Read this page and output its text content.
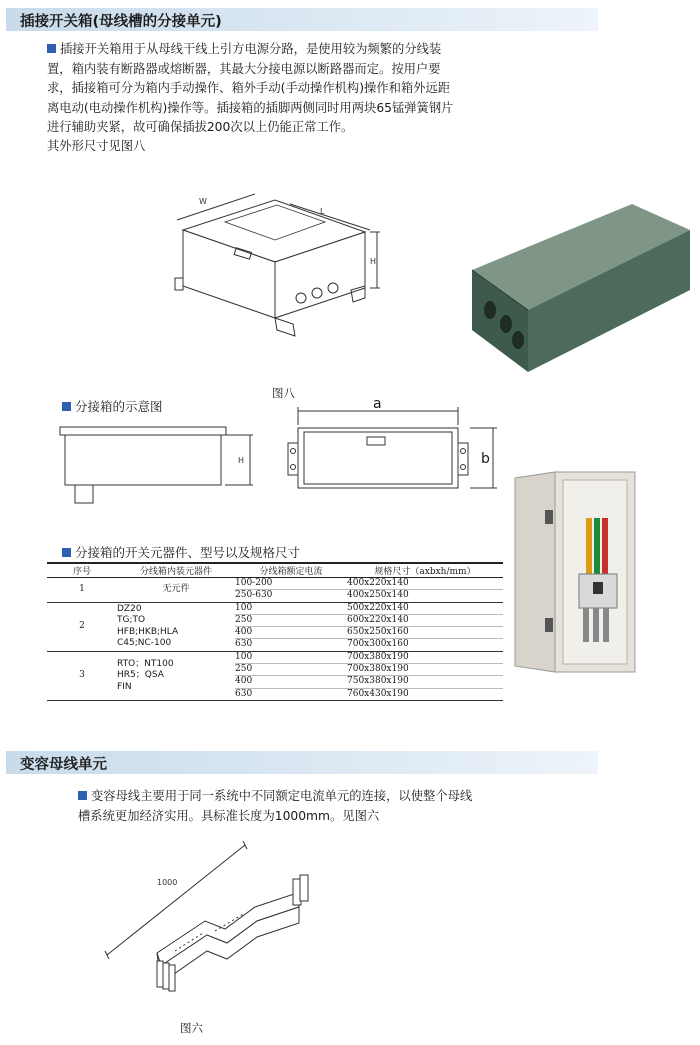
插接开关箱(母线槽的分接单元)
插接开关箱用于从母线干线上引方电源分路，是使用较为频繁的分线装
置，箱内装有断路器或熔断器，其最大分接电源以断路器而定。按用户要
求，插接箱可分为箱内手动操作、箱外手动(手动操作机构)操作和箱外远距
离电动(电动操作机构)操作等。插接箱的插脚两侧同时用两块65锰弹簧钢片
进行辅助夹紧，故可确保插拔200次以上仍能正常工作。
其外形尺寸见图八
W
L
H
图八
分接箱的示意图
H
a
b
分接箱的开关元器件、型号以及规格尺寸
序号	分线箱内装元器件	分线箱额定电流	规格尺寸（axbxh/mm）
1	无元件	100-200	400x220x140
		250-630	400x250x140
2	DZ20
TG;TO
HFB;HKB;HLA
C45;NC-100	100	500x220x140
		250	600x220x140
		400	650x250x160
		630	700x300x160
3	RTO；NT100
HR5；QSA
FIN	100	700x380x190
		250	700x380x190
		400	750x380x190
		630	760x430x190
变容母线单元
变容母线主要用于同一系统中不同额定电流单元的连接，以使整个母线
槽系统更加经济实用。具标准长度为1000mm。见图六
1000
图六
